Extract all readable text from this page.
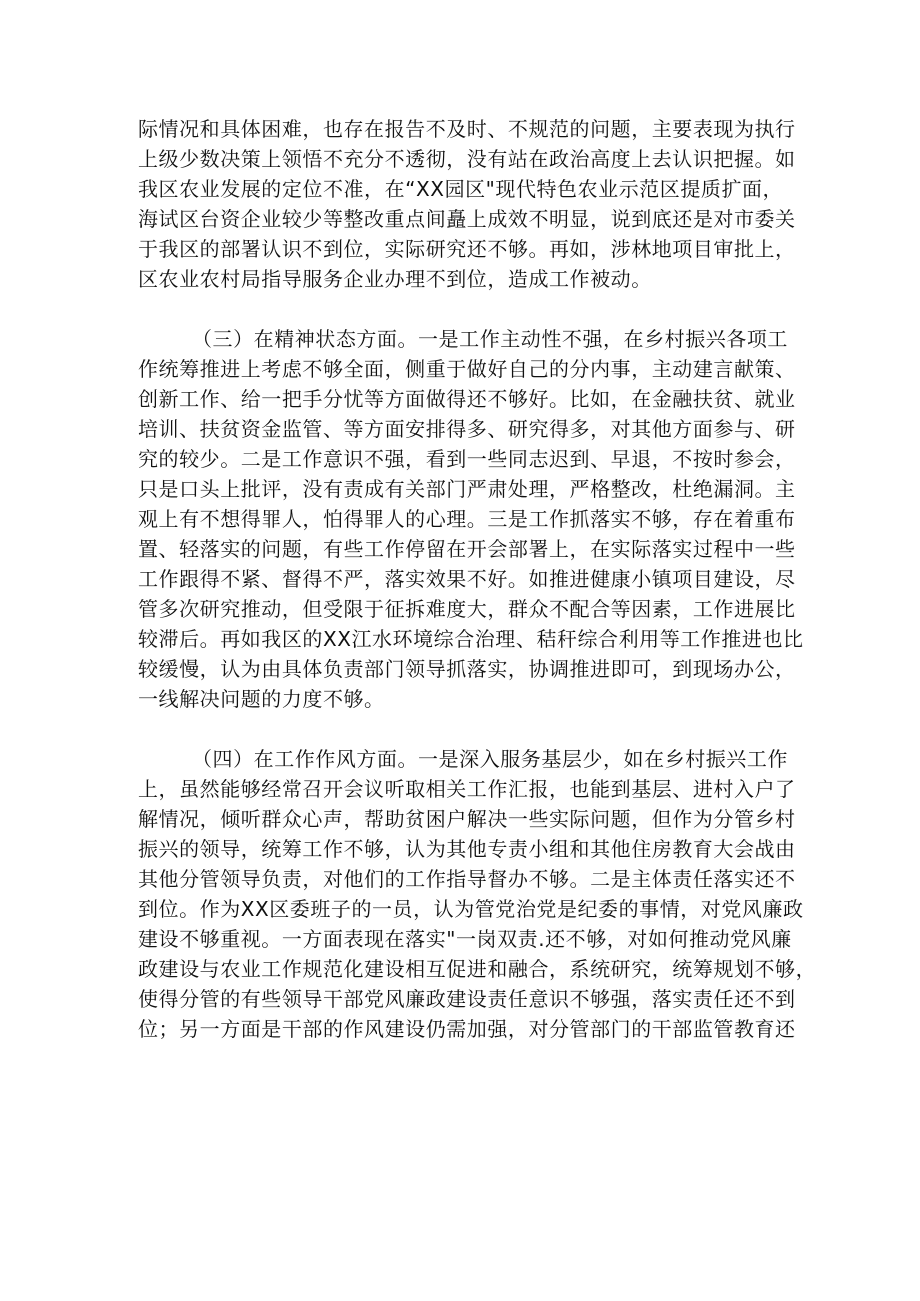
际情况和具体困难，也存在报告不及时、不规范的问题，主要表现为执行
上级少数决策上领悟不充分不透彻，没有站在政治高度上去认识把握。如
我区农业发展的定位不准，在“XX园区"现代特色农业示范区提质扩面，
海试区台资企业较少等整改重点间矗上成效不明显，说到底还是对市委关
于我区的部署认识不到位，实际研究还不够。再如，涉林地项目审批上，
区农业农村局指导服务企业办理不到位，造成工作被动。
（三）在精神状态方面。一是工作主动性不强，在乡村振兴各项工
作统筹推进上考虑不够全面，侧重于做好自己的分内事，主动建言献策、
创新工作、给一把手分忧等方面做得还不够好。比如，在金融扶贫、就业
培训、扶贫资金监管、等方面安排得多、研究得多，对其他方面参与、研
究的较少。二是工作意识不强，看到一些同志迟到、早退，不按时参会，
只是口头上批评，没有责成有关部门严肃处理，严格整改，杜绝漏洞。主
观上有不想得罪人，怕得罪人的心理。三是工作抓落实不够，存在着重布
置、轻落实的问题，有些工作停留在开会部署上，在实际落实过程中一些
工作跟得不紧、督得不严，落实效果不好。如推进健康小镇项目建设，尽
管多次研究推动，但受限于征拆难度大，群众不配合等因素，工作进展比
较滞后。再如我区的XX江水环境综合治理、秸秆综合利用等工作推进也比
较缓慢，认为由具体负责部门领导抓落实，协调推进即可，到现场办公，
一线解决问题的力度不够。
（四）在工作作风方面。一是深入服务基层少，如在乡村振兴工作
上，虽然能够经常召开会议听取相关工作汇报，也能到基层、进村入户了
解情况，倾听群众心声，帮助贫困户解决一些实际问题，但作为分管乡村
振兴的领导，统筹工作不够，认为其他专责小组和其他住房教育大会战由
其他分管领导负责，对他们的工作指导督办不够。二是主体责任落实还不
到位。作为XX区委班子的一员，认为管党治党是纪委的事情，对党风廉政
建设不够重视。一方面表现在落实"一岗双责.还不够，对如何推动党风廉
政建设与农业工作规范化建设相互促进和融合，系统研究，统筹规划不够，
使得分管的有些领导干部党风廉政建设责任意识不够强，落实责任还不到
位；另一方面是干部的作风建设仍需加强，对分管部门的干部监管教育还
